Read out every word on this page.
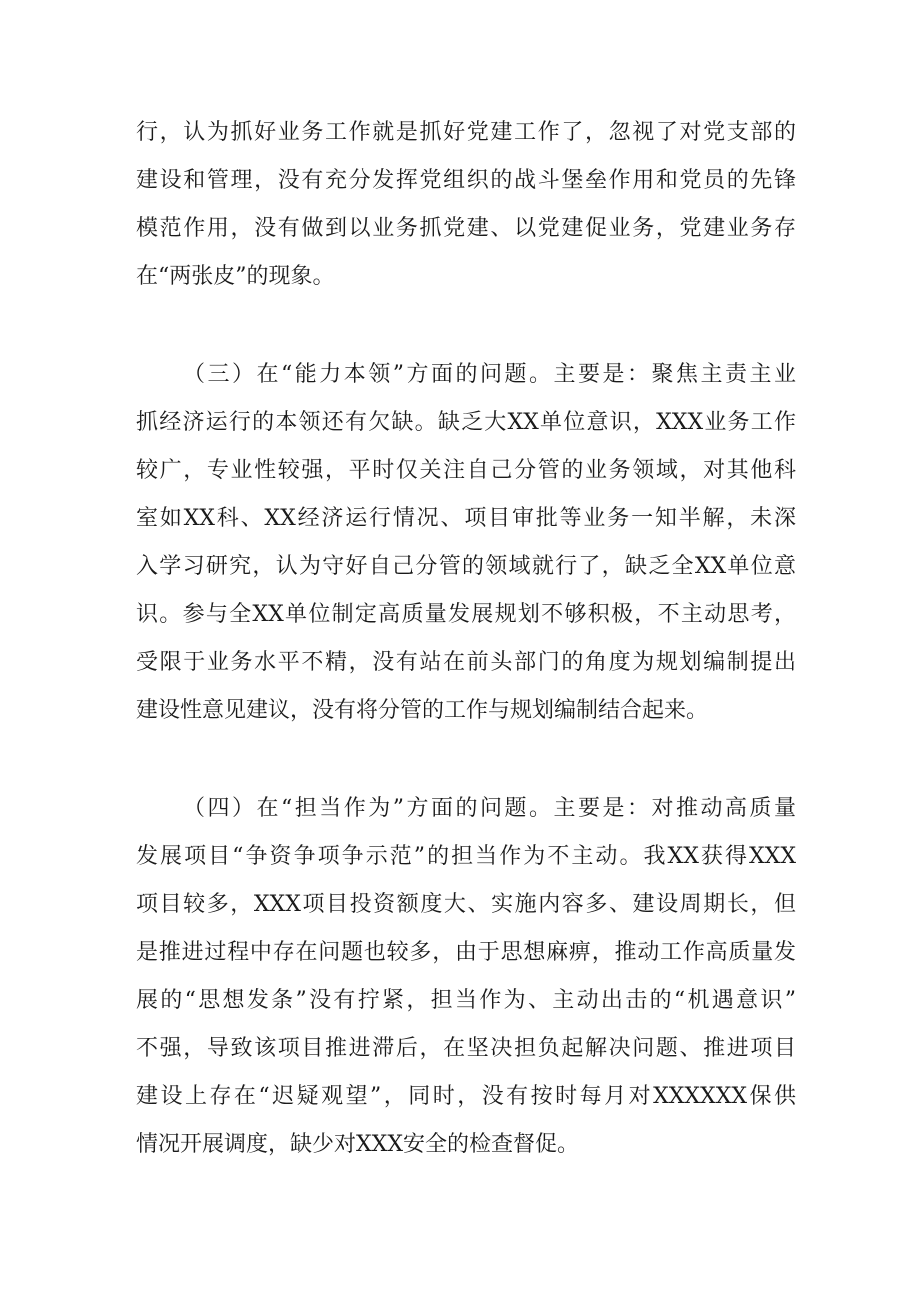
行，认为抓好业务工作就是抓好党建工作了，忽视了对党支部的

建设和管理，没有充分发挥党组织的战斗堡垒作用和党员的先锋

模范作用，没有做到以业务抓党建、以党建促业务，党建业务存

在“两张皮”的现象。

（三）在“能力本领”方面的问题。主要是：聚焦主责主业

抓经济运行的本领还有欠缺。缺乏大XX单位意识，XXX业务工作

较广，专业性较强，平时仅关注自己分管的业务领域，对其他科

室如XX科、XX经济运行情况、项目审批等业务一知半解，未深

入学习研究，认为守好自己分管的领域就行了，缺乏全XX单位意

识。参与全XX单位制定高质量发展规划不够积极，不主动思考，

受限于业务水平不精，没有站在前头部门的角度为规划编制提出

建设性意见建议，没有将分管的工作与规划编制结合起来。

（四）在“担当作为”方面的问题。主要是：对推动高质量

发展项目“争资争项争示范”的担当作为不主动。我XX获得XXX

项目较多，XXX项目投资额度大、实施内容多、建设周期长，但

是推进过程中存在问题也较多，由于思想麻痹，推动工作高质量发

展的“思想发条”没有拧紧，担当作为、主动出击的“机遇意识”

不强，导致该项目推进滞后，在坚决担负起解决问题、推进项目

建设上存在“迟疑观望”，同时，没有按时每月对XXXXXX保供

情况开展调度，缺少对XXX安全的检查督促。
